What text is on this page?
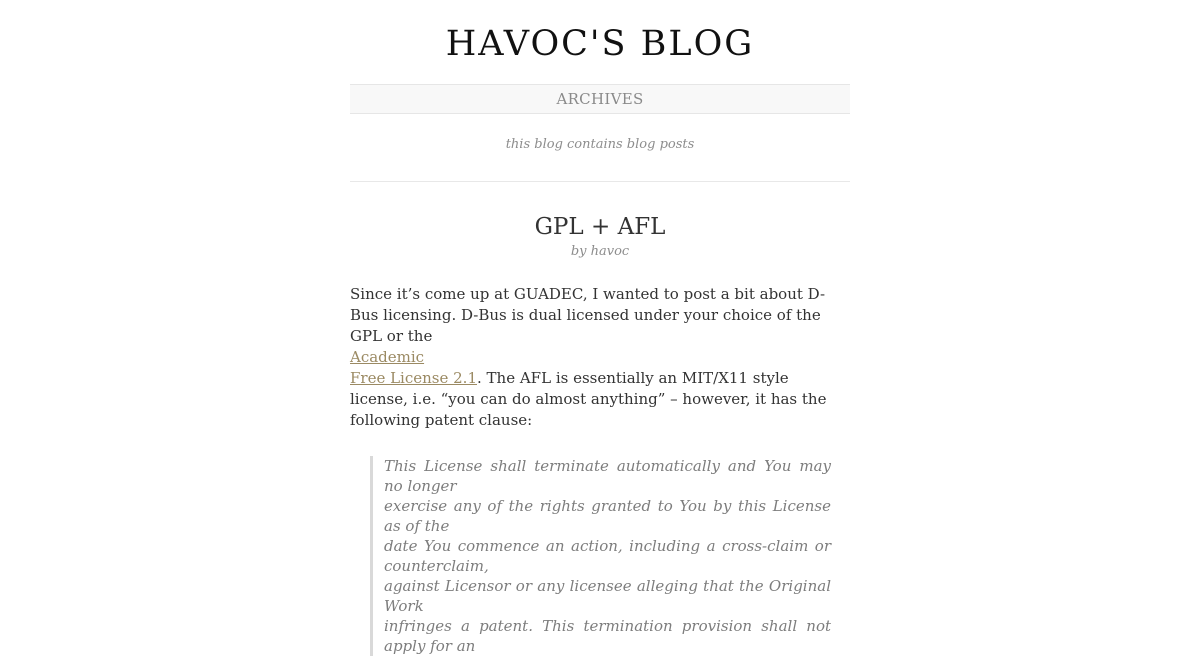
HAVOC'S BLOG
ARCHIVES
this blog contains blog posts
GPL + AFL
by havoc

Since it’s come up at GUADEC, I wanted to post a bit about D-Bus licensing. D-Bus is dual licensed under your choice of the GPL or the
Academic
Free License 2.1. The AFL is essentially an MIT/X11 style license, i.e. “you can do almost anything” – however, it has the following patent clause:

This License shall terminate automatically and You may no longer
exercise any of the rights granted to You by this License as of the
date You commence an action, including a cross-claim or counterclaim,
against Licensor or any licensee alleging that the Original Work
infringes a patent. This termination provision shall not apply for an
